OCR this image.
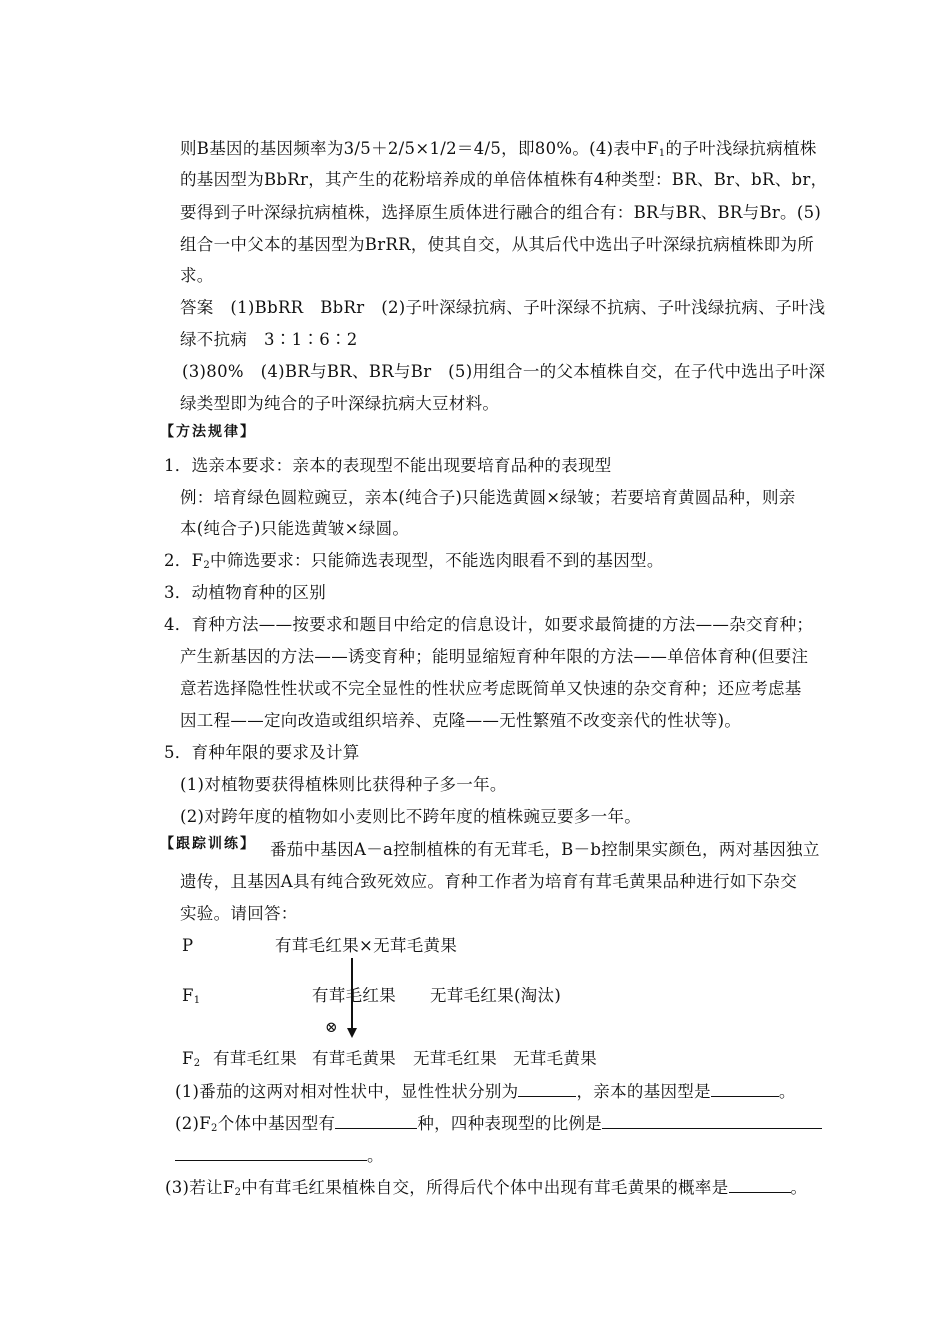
则B基因的基因频率为3/5＋2/5×1/2＝4/5，即80%。(4)表中$F_1$的子叶浅绿抗病植株
的基因型为BbRr，其产生的花粉培养成的单倍体植株有4种类型：BR、Br、bR、br，
要得到子叶深绿抗病植株，选择原生质体进行融合的组合有：BR与BR、BR与Br。(5)
组合一中父本的基因型为BrRR，使其自交，从其后代中选出子叶深绿抗病植株即为所
求。
答案　(1)BbRR　BbRr　(2)子叶深绿抗病、子叶深绿不抗病、子叶浅绿抗病、子叶浅
绿不抗病　3∶1∶6∶2
(3)80%　(4)BR与BR、BR与Br　(5)用组合一的父本植株自交，在子代中选出子叶深
绿类型即为纯合的子叶深绿抗病大豆材料。
【方法规律】
1．选亲本要求：亲本的表现型不能出现要培育品种的表现型
例：培育绿色圆粒豌豆，亲本(纯合子)只能选黄圆×绿皱；若要培育黄圆品种，则亲
本(纯合子)只能选黄皱×绿圆。
2．$F_2$中筛选要求：只能筛选表现型，不能选肉眼看不到的基因型。
3．动植物育种的区别
4．育种方法——按要求和题目中给定的信息设计，如要求最简捷的方法——杂交育种；
产生新基因的方法——诱变育种；能明显缩短育种年限的方法——单倍体育种(但要注
意若选择隐性性状或不完全显性的性状应考虑既简单又快速的杂交育种；还应考虑基
因工程——定向改造或组织培养、克隆——无性繁殖不改变亲代的性状等)。
5．育种年限的要求及计算
(1)对植物要获得植株则比获得种子多一年。
(2)对跨年度的植物如小麦则比不跨年度的植株豌豆要多一年。
【跟踪训练】 番茄中基因A－a控制植株的有无茸毛，B－b控制果实颜色，两对基因独立
遗传，且基因A具有纯合致死效应。育种工作者为培育有茸毛黄果品种进行如下杂交
实验。请回答：
P	有茸毛红果×无茸毛黄果
$F_1$	有茸毛红果 无茸毛红果(淘汰)
⊗
$F_2$ 有茸毛红果 有茸毛黄果 无茸毛红果 无茸毛黄果
(1)番茄的这两对相对性状中，显性性状分别为	，亲本的基因型是	。
$(2)F_2$个体中基因型有	种，四种表现型的比例是
。
(3)若让$F_2$中有茸毛红果植株自交，所得后代个体中出现有茸毛黄果的概率是	。
